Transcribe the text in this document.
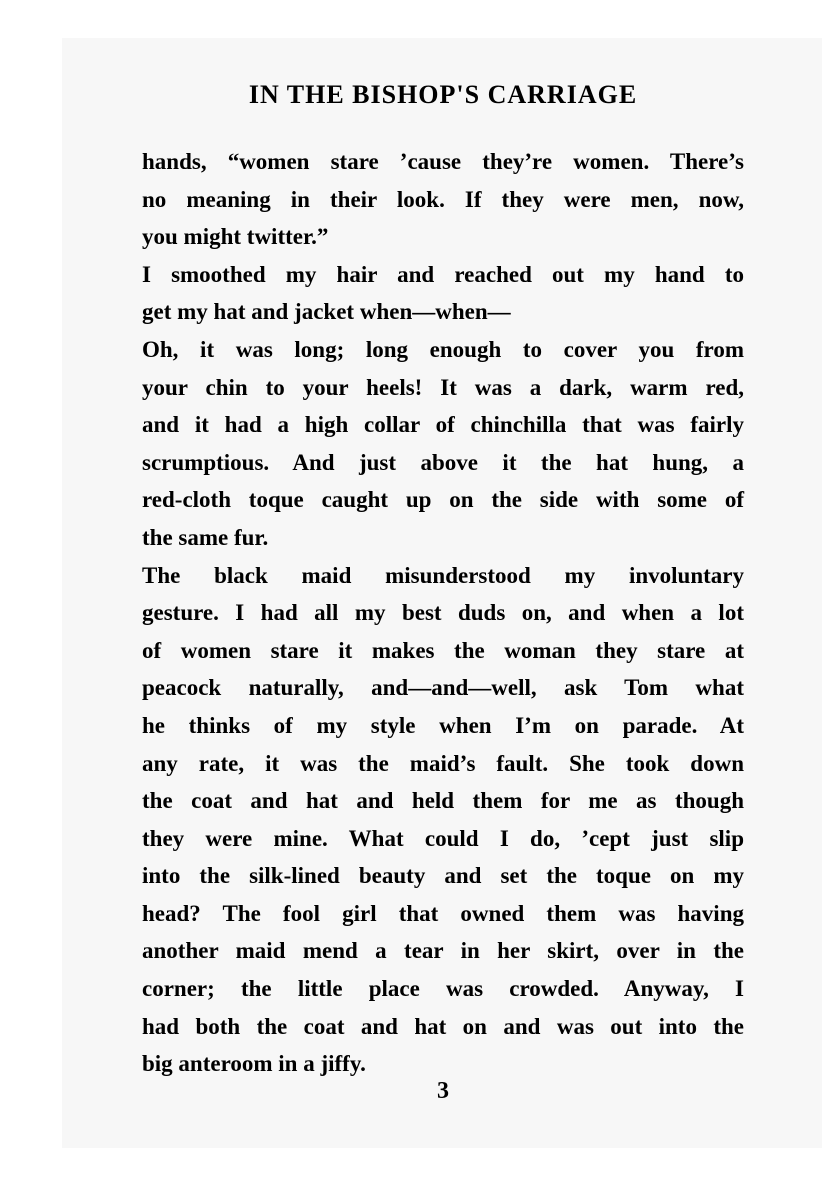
IN THE BISHOP'S CARRIAGE
hands, “women stare ’cause they’re women. There’s
no meaning in their look. If they were men, now,
you might twitter.”
I smoothed my hair and reached out my hand to
get my hat and jacket when—when—
Oh, it was long; long enough to cover you from
your chin to your heels! It was a dark, warm red,
and it had a high collar of chinchilla that was fairly
scrumptious. And just above it the hat hung, a
red-cloth toque caught up on the side with some of
the same fur.
The black maid misunderstood my involuntary
gesture. I had all my best duds on, and when a lot
of women stare it makes the woman they stare at
peacock naturally, and—and—well, ask Tom what
he thinks of my style when I’m on parade. At
any rate, it was the maid’s fault. She took down
the coat and hat and held them for me as though
they were mine. What could I do, ’cept just slip
into the silk-lined beauty and set the toque on my
head? The fool girl that owned them was having
another maid mend a tear in her skirt, over in the
corner; the little place was crowded. Anyway, I
had both the coat and hat on and was out into the
big anteroom in a jiffy.
3
